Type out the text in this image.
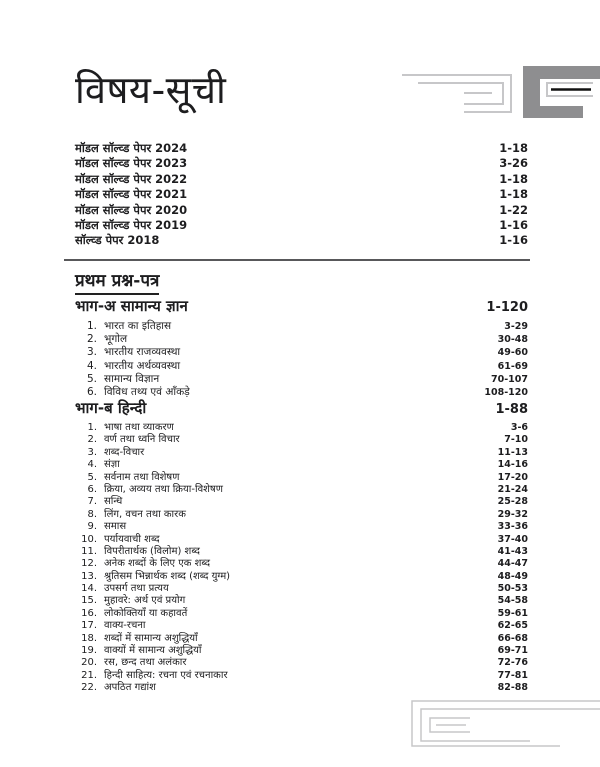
विषय-सूची
मॉडल सॉल्व्ड पेपर 2024	1-18
मॉडल सॉल्व्ड पेपर 2023	3-26
मॉडल सॉल्व्ड पेपर 2022	1-18
मॉडल सॉल्व्ड पेपर 2021	1-18
मॉडल सॉल्व्ड पेपर 2020	1-22
मॉडल सॉल्व्ड पेपर 2019	1-16
सॉल्व्ड पेपर 2018	1-16
प्रथम प्रश्न-पत्र
भाग-अ सामान्य ज्ञान	1-120
1. भारत का इतिहास	3-29
2. भूगोल	30-48
3. भारतीय राजव्यवस्था	49-60
4. भारतीय अर्थव्यवस्था	61-69
5. सामान्य विज्ञान	70-107
6. विविध तथ्य एवं आँकड़े	108-120
भाग-ब हिन्दी	1-88
1. भाषा तथा व्याकरण	3-6
2. वर्ण तथा ध्वनि विचार	7-10
3. शब्द-विचार	11-13
4. संज्ञा	14-16
5. सर्वनाम तथा विशेषण	17-20
6. क्रिया, अव्यय तथा क्रिया-विशेषण	21-24
7. सन्धि	25-28
8. लिंग, वचन तथा कारक	29-32
9. समास	33-36
10. पर्यायवाची शब्द	37-40
11. विपरीतार्थक (विलोम) शब्द	41-43
12. अनेक शब्दों के लिए एक शब्द	44-47
13. श्रुतिसम भिन्नार्थक शब्द (शब्द युग्म)	48-49
14. उपसर्ग तथा प्रत्यय	50-53
15. मुहावरे: अर्थ एवं प्रयोग	54-58
16. लोकोक्तियाँ या कहावतें	59-61
17. वाक्य-रचना	62-65
18. शब्दों में सामान्य अशुद्धियाँ	66-68
19. वाक्यों में सामान्य अशुद्धियाँ	69-71
20. रस, छन्द तथा अलंकार	72-76
21. हिन्दी साहित्य: रचना एवं रचनाकार	77-81
22. अपठित गद्यांश	82-88
